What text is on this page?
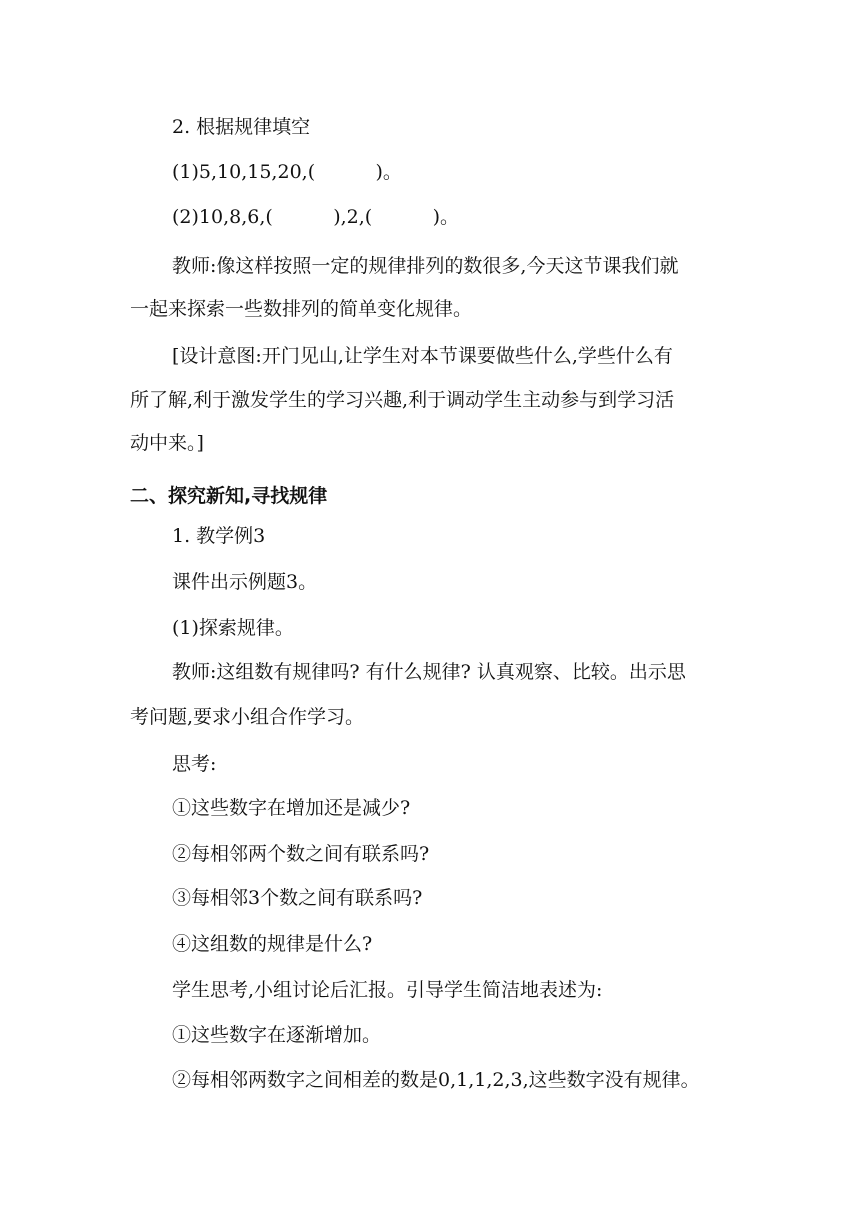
2. 根据规律填空
(1)5,10,15,20,(          )。
(2)10,8,6,(          ),2,(          )。
教师:像这样按照一定的规律排列的数很多,今天这节课我们就
一起来探索一些数排列的简单变化规律。
[设计意图:开门见山,让学生对本节课要做些什么,学些什么有
所了解,利于激发学生的学习兴趣,利于调动学生主动参与到学习活
动中来。]
二、探究新知,寻找规律
1. 教学例3
课件出示例题3。
(1)探索规律。
教师:这组数有规律吗? 有什么规律? 认真观察、比较。出示思
考问题,要求小组合作学习。
思考:
①这些数字在增加还是减少?
②每相邻两个数之间有联系吗?
③每相邻3个数之间有联系吗?
④这组数的规律是什么?
学生思考,小组讨论后汇报。引导学生简洁地表述为:
①这些数字在逐渐增加。
②每相邻两数字之间相差的数是0,1,1,2,3,这些数字没有规律。
